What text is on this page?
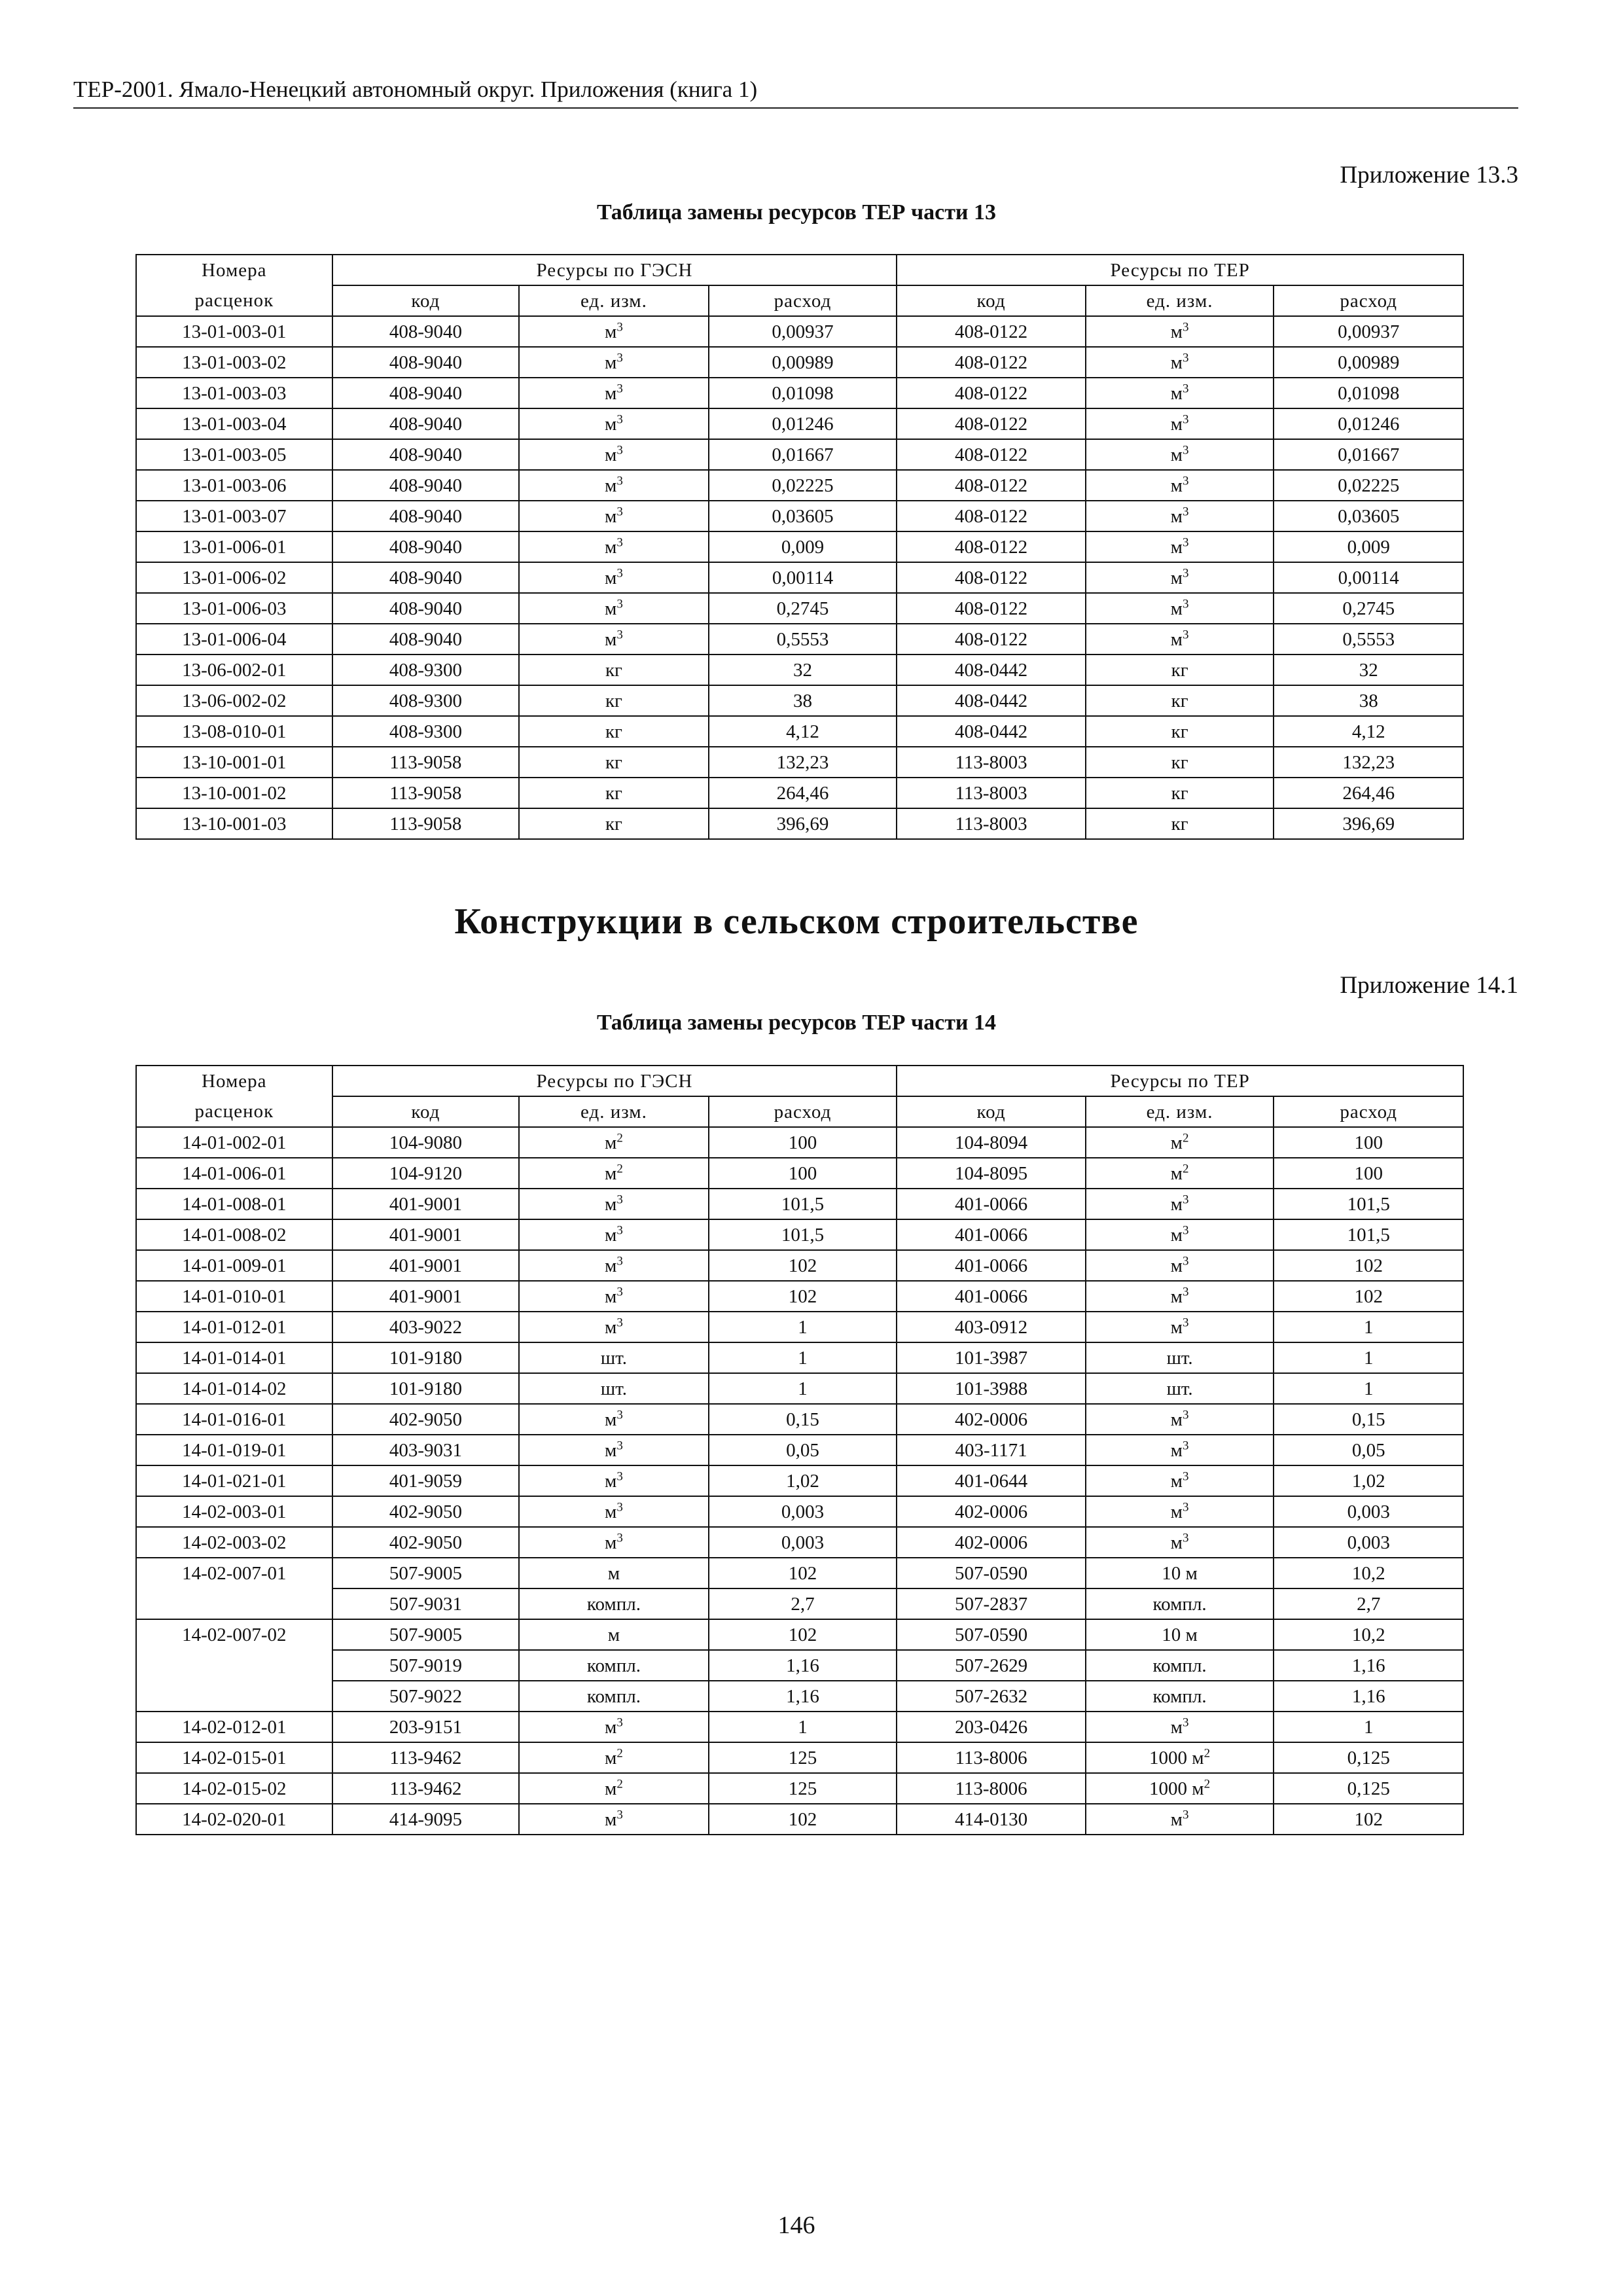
ТЕР-2001. Ямало-Ненецкий автономный округ. Приложения (книга 1)
Приложение 13.3
Таблица замены ресурсов ТЕР части 13
Номера	Ресурсы по ГЭСН			Ресурсы по ТЕР		
расценок	код	ед. изм.	расход	код	ед. изм.	расход
13-01-003-01	408-9040	$м^3$	0,00937	408-0122	$м^3$	0,00937
13-01-003-02	408-9040	$м^3$	0,00989	408-0122	$м^3$	0,00989
13-01-003-03	408-9040	$м^3$	0,01098	408-0122	$м^3$	0,01098
13-01-003-04	408-9040	$м^3$	0,01246	408-0122	$м^3$	0,01246
13-01-003-05	408-9040	$м^3$	0,01667	408-0122	$м^3$	0,01667
13-01-003-06	408-9040	$м^3$	0,02225	408-0122	$м^3$	0,02225
13-01-003-07	408-9040	$м^3$	0,03605	408-0122	$м^3$	0,03605
13-01-006-01	408-9040	$м^3$	0,009	408-0122	$м^3$	0,009
13-01-006-02	408-9040	$м^3$	0,00114	408-0122	$м^3$	0,00114
13-01-006-03	408-9040	$м^3$	0,2745	408-0122	$м^3$	0,2745
13-01-006-04	408-9040	$м^3$	0,5553	408-0122	$м^3$	0,5553
13-06-002-01	408-9300	кг	32	408-0442	кг	32
13-06-002-02	408-9300	кг	38	408-0442	кг	38
13-08-010-01	408-9300	кг	4,12	408-0442	кг	4,12
13-10-001-01	113-9058	кг	132,23	113-8003	кг	132,23
13-10-001-02	113-9058	кг	264,46	113-8003	кг	264,46
13-10-001-03	113-9058	кг	396,69	113-8003	кг	396,69
Конструкции в сельском строительстве
Приложение 14.1
Таблица замены ресурсов ТЕР части 14
Номера	Ресурсы по ГЭСН			Ресурсы по ТЕР		
расценок	код	ед. изм.	расход	код	ед. изм.	расход
14-01-002-01	104-9080	$м^2$	100	104-8094	$м^2$	100
14-01-006-01	104-9120	$м^2$	100	104-8095	$м^2$	100
14-01-008-01	401-9001	$м^3$	101,5	401-0066	$м^3$	101,5
14-01-008-02	401-9001	$м^3$	101,5	401-0066	$м^3$	101,5
14-01-009-01	401-9001	$м^3$	102	401-0066	$м^3$	102
14-01-010-01	401-9001	$м^3$	102	401-0066	$м^3$	102
14-01-012-01	403-9022	$м^3$	1	403-0912	$м^3$	1
14-01-014-01	101-9180	шт.	1	101-3987	шт.	1
14-01-014-02	101-9180	шт.	1	101-3988	шт.	1
14-01-016-01	402-9050	$м^3$	0,15	402-0006	$м^3$	0,15
14-01-019-01	403-9031	$м^3$	0,05	403-1171	$м^3$	0,05
14-01-021-01	401-9059	$м^3$	1,02	401-0644	$м^3$	1,02
14-02-003-01	402-9050	$м^3$	0,003	402-0006	$м^3$	0,003
14-02-003-02	402-9050	$м^3$	0,003	402-0006	$м^3$	0,003
14-02-007-01	507-9005	м	102	507-0590	10 м	10,2
	507-9031	компл.	2,7	507-2837	компл.	2,7
14-02-007-02	507-9005	м	102	507-0590	10 м	10,2
	507-9019	компл.	1,16	507-2629	компл.	1,16
	507-9022	компл.	1,16	507-2632	компл.	1,16
14-02-012-01	203-9151	$м^3$	1	203-0426	$м^3$	1
14-02-015-01	113-9462	$м^2$	125	113-8006	1000 $м^2$	0,125
14-02-015-02	113-9462	$м^2$	125	113-8006	1000 $м^2$	0,125
14-02-020-01	414-9095	$м^3$	102	414-0130	$м^3$	102
146
